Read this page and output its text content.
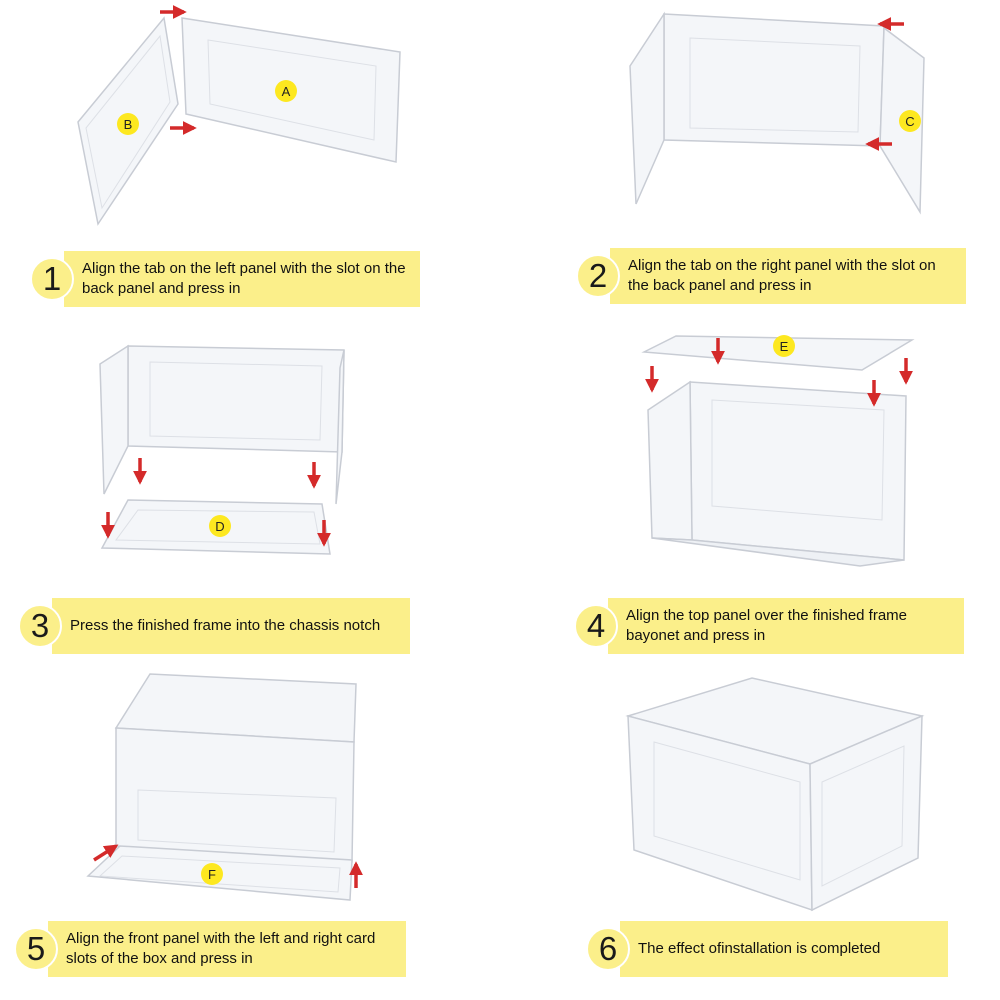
A
B	C
D
E
F
1	Align the tab on the left panel with the slot on the back panel and press in	2	Align the tab on the right panel with the slot on the back panel and press in
3	Press the finished frame into the chassis notch	4	Align the top panel over the finished frame bayonet and press in
5	Align the front panel with the left and right card slots of the box and press in	6	The effect ofinstallation is completed
